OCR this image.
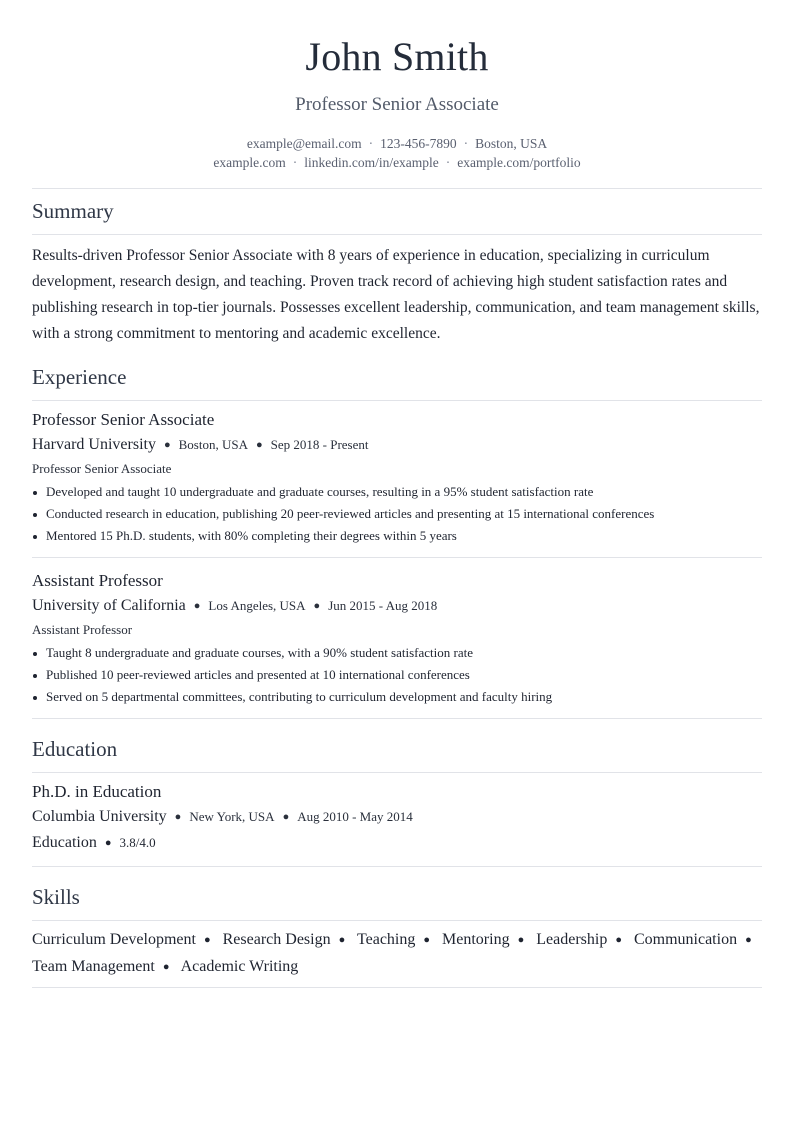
John Smith
Professor Senior Associate
example@email.com · 123-456-7890 · Boston, USA
example.com · linkedin.com/in/example · example.com/portfolio
Summary
Results-driven Professor Senior Associate with 8 years of experience in education, specializing in curriculum development, research design, and teaching. Proven track record of achieving high student satisfaction rates and publishing research in top-tier journals. Possesses excellent leadership, communication, and team management skills, with a strong commitment to mentoring and academic excellence.
Experience
Professor Senior Associate
Harvard University ● Boston, USA ● Sep 2018 - Present
Professor Senior Associate
Developed and taught 10 undergraduate and graduate courses, resulting in a 95% student satisfaction rate
Conducted research in education, publishing 20 peer-reviewed articles and presenting at 15 international conferences
Mentored 15 Ph.D. students, with 80% completing their degrees within 5 years
Assistant Professor
University of California ● Los Angeles, USA ● Jun 2015 - Aug 2018
Assistant Professor
Taught 8 undergraduate and graduate courses, with a 90% student satisfaction rate
Published 10 peer-reviewed articles and presented at 10 international conferences
Served on 5 departmental committees, contributing to curriculum development and faculty hiring
Education
Ph.D. in Education
Columbia University ● New York, USA ● Aug 2010 - May 2014
Education ● 3.8/4.0
Skills
Curriculum Development ● Research Design ● Teaching ● Mentoring ● Leadership ● Communication ● Team Management ● Academic Writing
